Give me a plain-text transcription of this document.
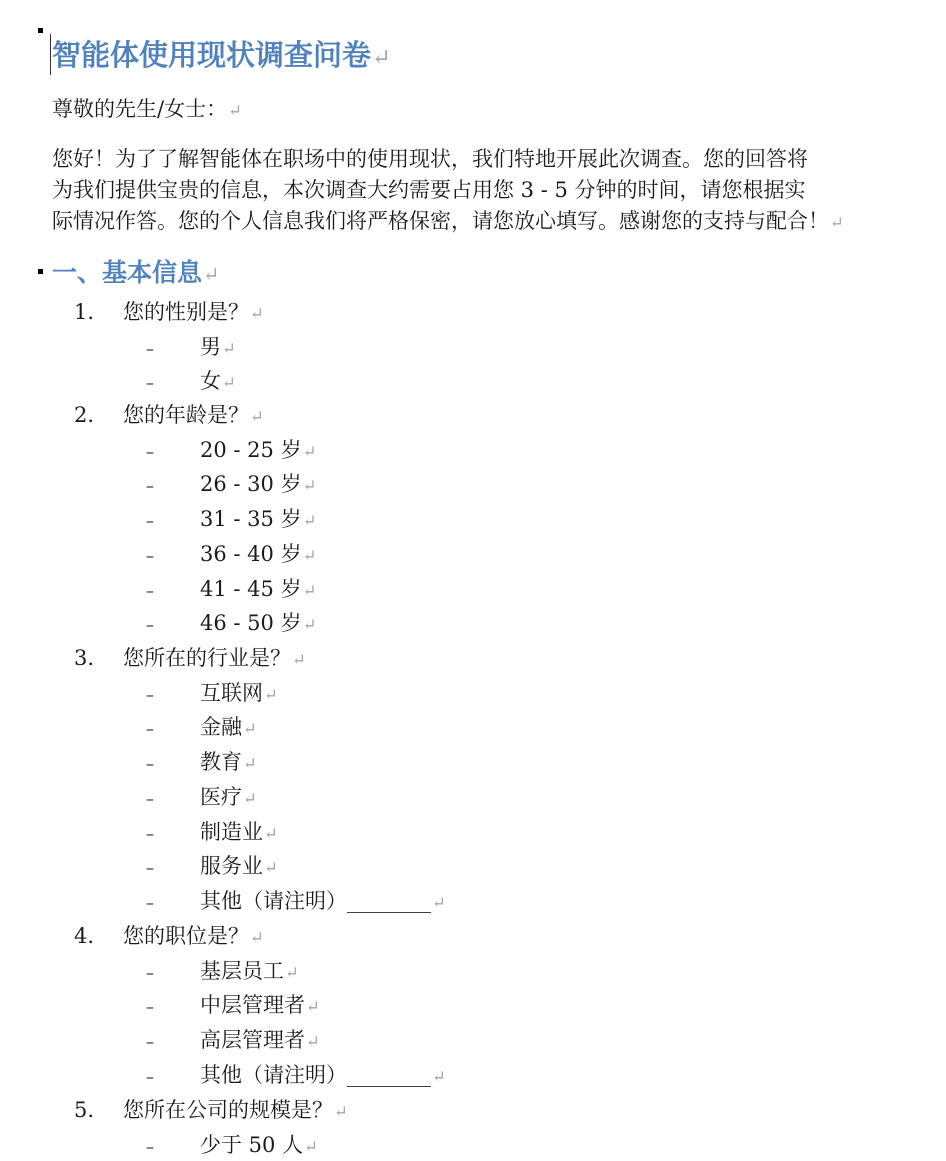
智能体使用现状调查问卷↵
尊敬的先生/女士：↵
您好！为了了解智能体在职场中的使用现状，我们特地开展此次调查。您的回答将
为我们提供宝贵的信息，本次调查大约需要占用您 3 - 5 分钟的时间，请您根据实
际情况作答。您的个人信息我们将严格保密，请您放心填写。感谢您的支持与配合！↵
一、基本信息↵
1. 您的性别是？↵
– 男↵
– 女↵
2. 您的年龄是？↵
– 20 - 25 岁↵
– 26 - 30 岁↵
– 31 - 35 岁↵
– 36 - 40 岁↵
– 41 - 45 岁↵
– 46 - 50 岁↵
3. 您所在的行业是？↵
– 互联网↵
– 金融↵
– 教育↵
– 医疗↵
– 制造业↵
– 服务业↵
– 其他（请注明）________↵
4. 您的职位是？↵
– 基层员工↵
– 中层管理者↵
– 高层管理者↵
– 其他（请注明）________↵
5. 您所在公司的规模是？↵
– 少于 50 人↵
